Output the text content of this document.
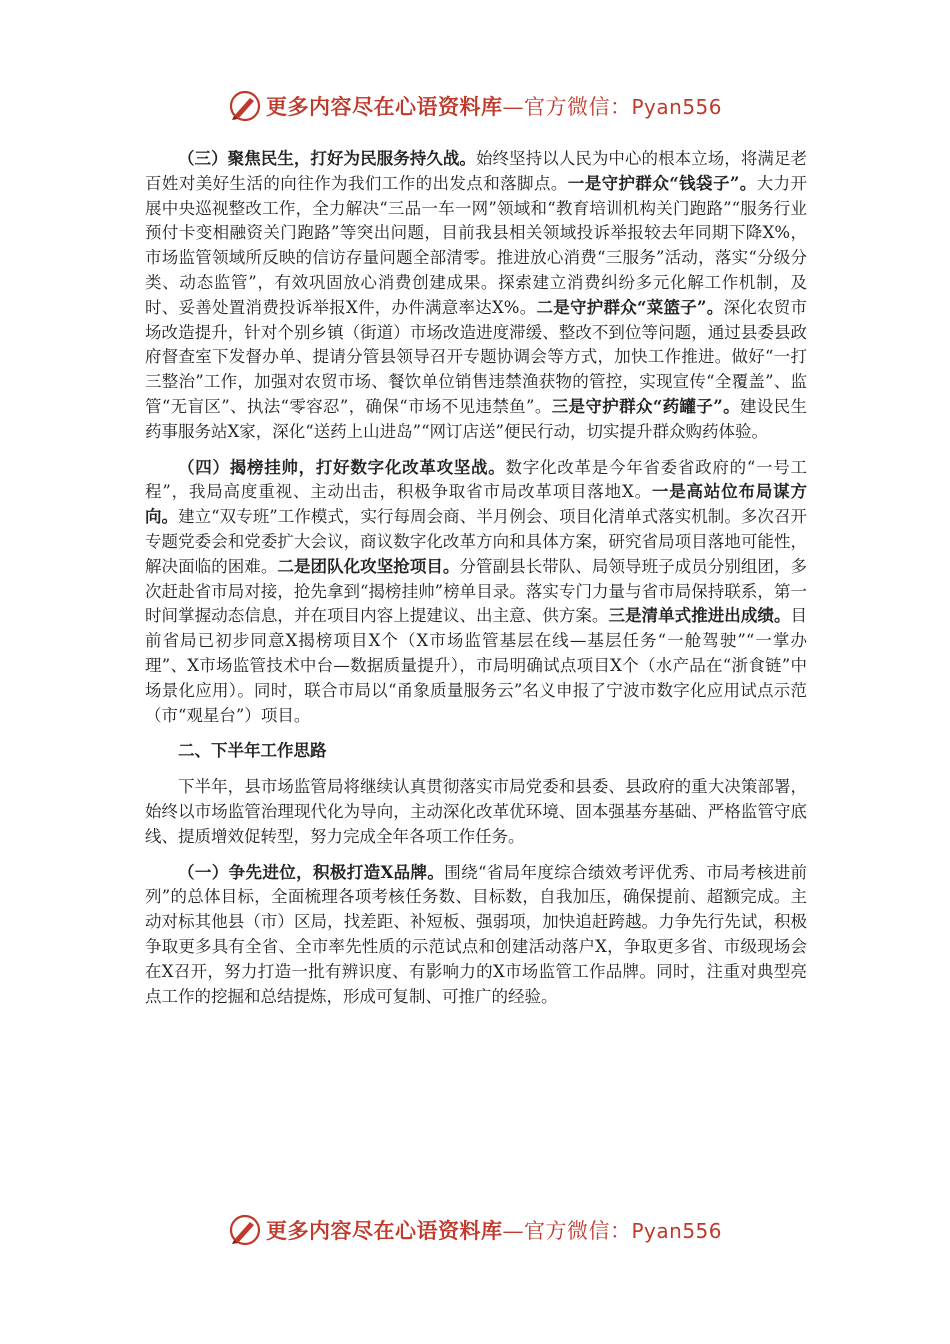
更多内容尽在心语资料库—官方微信：Pyan556

（三）聚焦民生，打好为民服务持久战。始终坚持以人民为中心的根本立场，将满足老百姓对美好生活的向往作为我们工作的出发点和落脚点。一是守护群众“钱袋子”。大力开展中央巡视整改工作，全力解决“三品一车一网”领域和“教育培训机构关门跑路”“服务行业预付卡变相融资关门跑路”等突出问题，目前我县相关领域投诉举报较去年同期下降X%，市场监管领域所反映的信访存量问题全部清零。推进放心消费“三服务”活动，落实“分级分类、动态监管”，有效巩固放心消费创建成果。探索建立消费纠纷多元化解工作机制，及时、妥善处置消费投诉举报X件，办件满意率达X%。二是守护群众“菜篮子”。深化农贸市场改造提升，针对个别乡镇（街道）市场改造进度滞缓、整改不到位等问题，通过县委县政府督查室下发督办单、提请分管县领导召开专题协调会等方式，加快工作推进。做好“一打三整治”工作，加强对农贸市场、餐饮单位销售违禁渔获物的管控，实现宣传“全覆盖”、监管“无盲区”、执法“零容忍”，确保“市场不见违禁鱼”。三是守护群众“药罐子”。建设民生药事服务站X家，深化“送药上山进岛”“网订店送”便民行动，切实提升群众购药体验。

（四）揭榜挂帅，打好数字化改革攻坚战。数字化改革是今年省委省政府的“一号工程”，我局高度重视、主动出击，积极争取省市局改革项目落地X。一是高站位布局谋方向。建立“双专班”工作模式，实行每周会商、半月例会、项目化清单式落实机制。多次召开专题党委会和党委扩大会议，商议数字化改革方向和具体方案，研究省局项目落地可能性，解决面临的困难。二是团队化攻坚抢项目。分管副县长带队、局领导班子成员分别组团，多次赶赴省市局对接，抢先拿到“揭榜挂帅”榜单目录。落实专门力量与省市局保持联系，第一时间掌握动态信息，并在项目内容上提建议、出主意、供方案。三是清单式推进出成绩。目前省局已初步同意X揭榜项目X个（X市场监管基层在线—基层任务“一舱驾驶”“一掌办理”、X市场监管技术中台—数据质量提升），市局明确试点项目X个（水产品在“浙食链”中场景化应用）。同时，联合市局以“甬象质量服务云”名义申报了宁波市数字化应用试点示范（市“观星台”）项目。

二、下半年工作思路

下半年，县市场监管局将继续认真贯彻落实市局党委和县委、县政府的重大决策部署，始终以市场监管治理现代化为导向，主动深化改革优环境、固本强基夯基础、严格监管守底线、提质增效促转型，努力完成全年各项工作任务。

（一）争先进位，积极打造X品牌。围绕“省局年度综合绩效考评优秀、市局考核进前列”的总体目标，全面梳理各项考核任务数、目标数，自我加压，确保提前、超额完成。主动对标其他县（市）区局，找差距、补短板、强弱项，加快追赶跨越。力争先行先试，积极争取更多具有全省、全市率先性质的示范试点和创建活动落户X，争取更多省、市级现场会在X召开，努力打造一批有辨识度、有影响力的X市场监管工作品牌。同时，注重对典型亮点工作的挖掘和总结提炼，形成可复制、可推广的经验。

更多内容尽在心语资料库—官方微信：Pyan556
